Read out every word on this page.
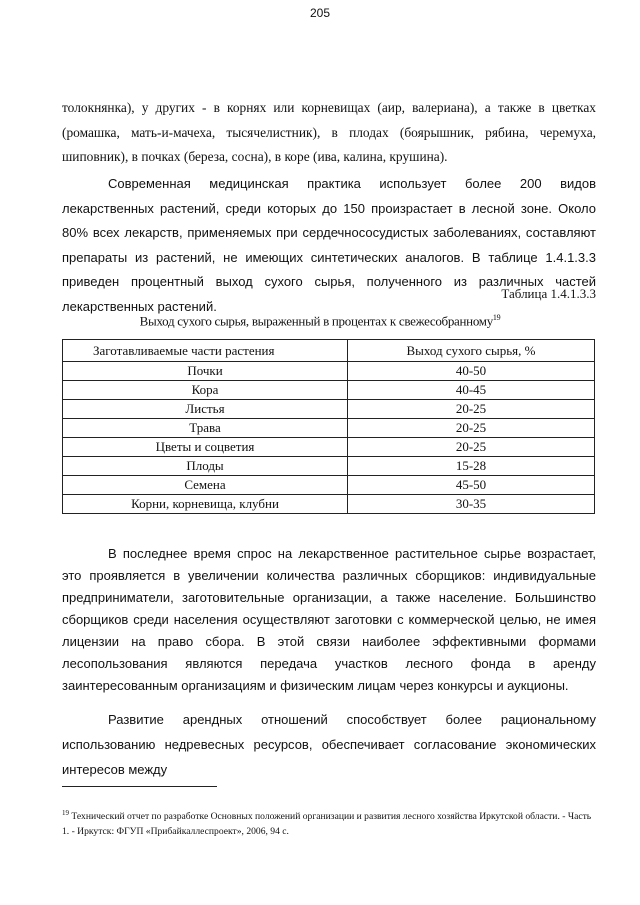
205

толокнянка), у других - в корнях или корневищах (аир, валериана), а также в цветках (ромашка, мать-и-мачеха, тысячелистник), в плодах (боярышник, рябина, черемуха, шиповник), в почках (береза, сосна), в коре (ива, калина, крушина).

Современная медицинская практика использует более 200 видов лекарственных растений, среди которых до 150 произрастает в лесной зоне. Около 80% всех лекарств, применяемых при сердечнососудистых заболеваниях, составляют препараты из растений, не имеющих синтетических аналогов. В таблице 1.4.1.3.3 приведен процентный выход сухого сырья, полученного из различных частей лекарственных растений.

Таблица 1.4.1.3.3
Выход сухого сырья, выраженный в процентах к свежесобранному$^{19}$
Заготавливаемые части растения	Выход сухого сырья, %
Почки	40-50
Кора	40-45
Листья	20-25
Трава	20-25
Цветы и соцветия	20-25
Плоды	15-28
Семена	45-50
Корни, корневища, клубни	30-35

В последнее время спрос на лекарственное растительное сырье возрастает, это проявляется в увеличении количества различных сборщиков: индивидуальные предприниматели, заготовительные организации, а также население. Большинство сборщиков среди населения осуществляют заготовки с коммерческой целью, не имея лицензии на право сбора. В этой связи наиболее эффективными формами лесопользования являются передача участков лесного фонда в аренду заинтересованным организациям и физическим лицам через конкурсы и аукционы.

Развитие арендных отношений способствует более рациональному использованию недревесных ресурсов, обеспечивает согласование экономических интересов между

$^{19}$ Технический отчет по разработке Основных положений организации и развития лесного хозяйства Иркутской области. - Часть 1. - Иркутск: ФГУП «Прибайкаллеспроект», 2006, 94 с.
